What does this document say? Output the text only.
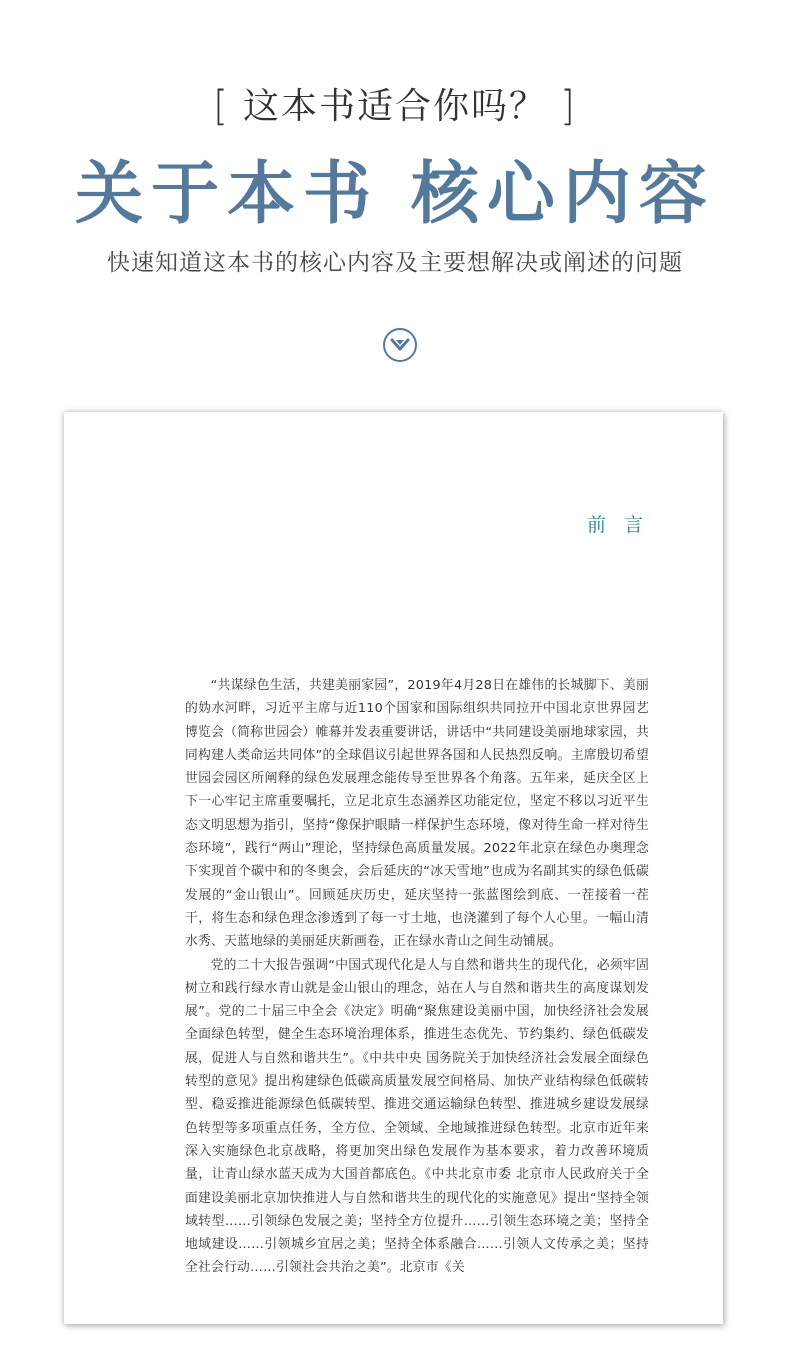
[ 这本书适合你吗？ ]
关于本书 核心内容
快速知道这本书的核心内容及主要想解决或阐述的问题
前 言

“共谋绿色生活，共建美丽家园”，2019年4月28日在雄伟的长城脚下、美丽的妫水河畔，习近平主席与近110个国家和国际组织共同拉开中国北京世界园艺博览会（简称世园会）帷幕并发表重要讲话，讲话中“共同建设美丽地球家园，共同构建人类命运共同体”的全球倡议引起世界各国和人民热烈反响。主席殷切希望世园会园区所阐释的绿色发展理念能传导至世界各个角落。五年来，延庆全区上下一心牢记主席重要嘱托，立足北京生态涵养区功能定位，坚定不移以习近平生态文明思想为指引，坚持“像保护眼睛一样保护生态环境，像对待生命一样对待生态环境”，践行“两山”理论，坚持绿色高质量发展。2022年北京在绿色办奥理念下实现首个碳中和的冬奥会，会后延庆的“冰天雪地”也成为名副其实的绿色低碳发展的“金山银山”。回顾延庆历史，延庆坚持一张蓝图绘到底、一茬接着一茬干，将生态和绿色理念渗透到了每一寸土地，也浇灌到了每个人心里。一幅山清水秀、天蓝地绿的美丽延庆新画卷，正在绿水青山之间生动铺展。

党的二十大报告强调“中国式现代化是人与自然和谐共生的现代化，必须牢固树立和践行绿水青山就是金山银山的理念，站在人与自然和谐共生的高度谋划发展”。党的二十届三中全会《决定》明确“聚焦建设美丽中国，加快经济社会发展全面绿色转型，健全生态环境治理体系，推进生态优先、节约集约、绿色低碳发展，促进人与自然和谐共生”。《中共中央 国务院关于加快经济社会发展全面绿色转型的意见》提出构建绿色低碳高质量发展空间格局、加快产业结构绿色低碳转型、稳妥推进能源绿色低碳转型、推进交通运输绿色转型、推进城乡建设发展绿色转型等多项重点任务，全方位、全领域、全地域推进绿色转型。北京市近年来深入实施绿色北京战略，将更加突出绿色发展作为基本要求，着力改善环境质量，让青山绿水蓝天成为大国首都底色。《中共北京市委 北京市人民政府关于全面建设美丽北京加快推进人与自然和谐共生的现代化的实施意见》提出“坚持全领域转型……引领绿色发展之美；坚持全方位提升……引领生态环境之美；坚持全地域建设……引领城乡宜居之美；坚持全体系融合……引领人文传承之美；坚持全社会行动……引领社会共治之美”。北京市《关
